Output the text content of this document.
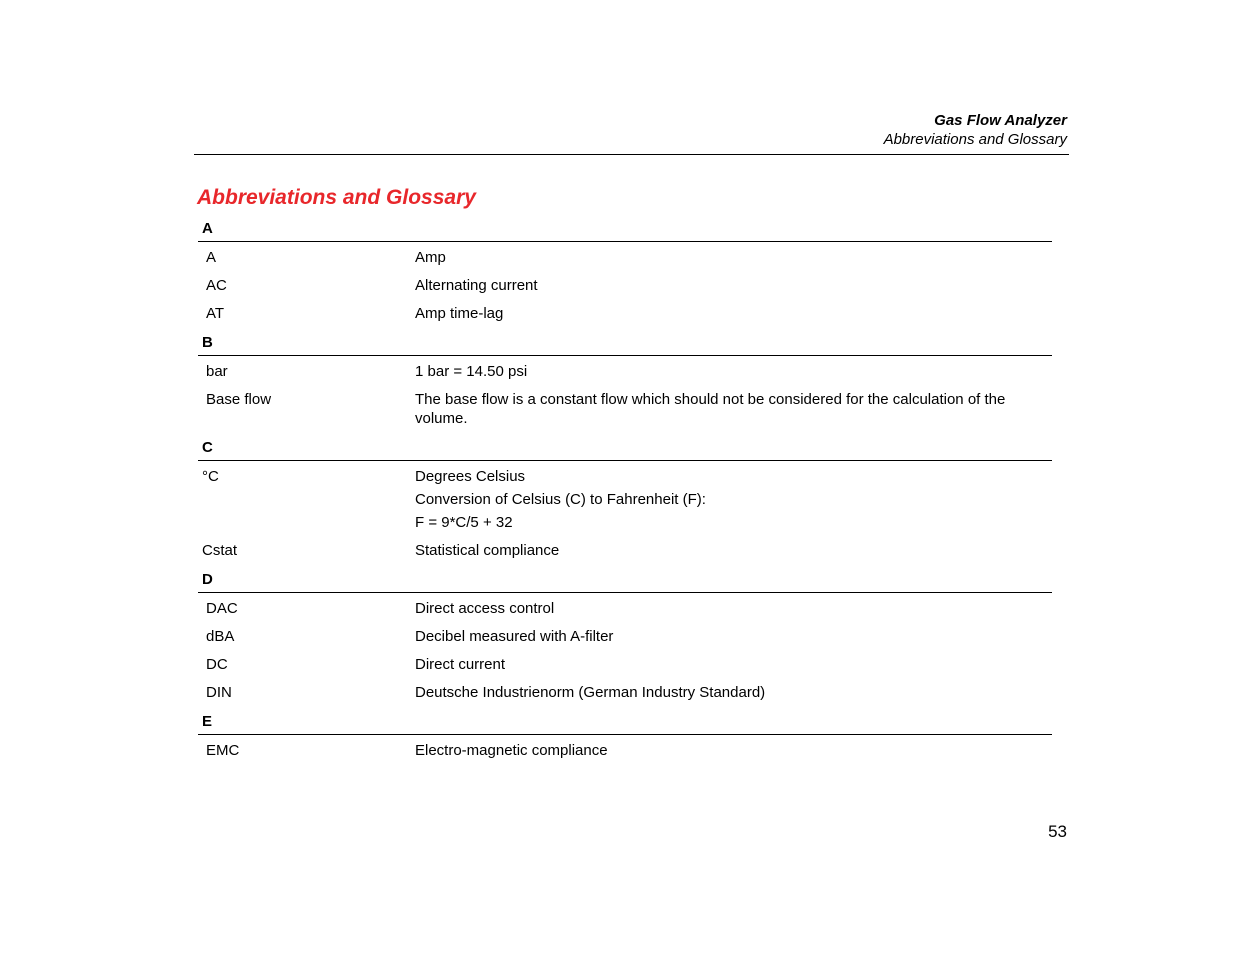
Gas Flow Analyzer
Abbreviations and Glossary
Abbreviations and Glossary
A
A	Amp
AC	Alternating current
AT	Amp time-lag
B
bar	1 bar = 14.50 psi
Base flow	The base flow is a constant flow which should not be considered for the calculation of the volume.
C
°C	Degrees Celsius
Conversion of Celsius (C) to Fahrenheit (F):
F = 9*C/5 + 32
Cstat	Statistical compliance
D
DAC	Direct access control
dBA	Decibel measured with A-filter
DC	Direct current
DIN	Deutsche Industrienorm (German Industry Standard)
E
EMC	Electro-magnetic compliance
53
